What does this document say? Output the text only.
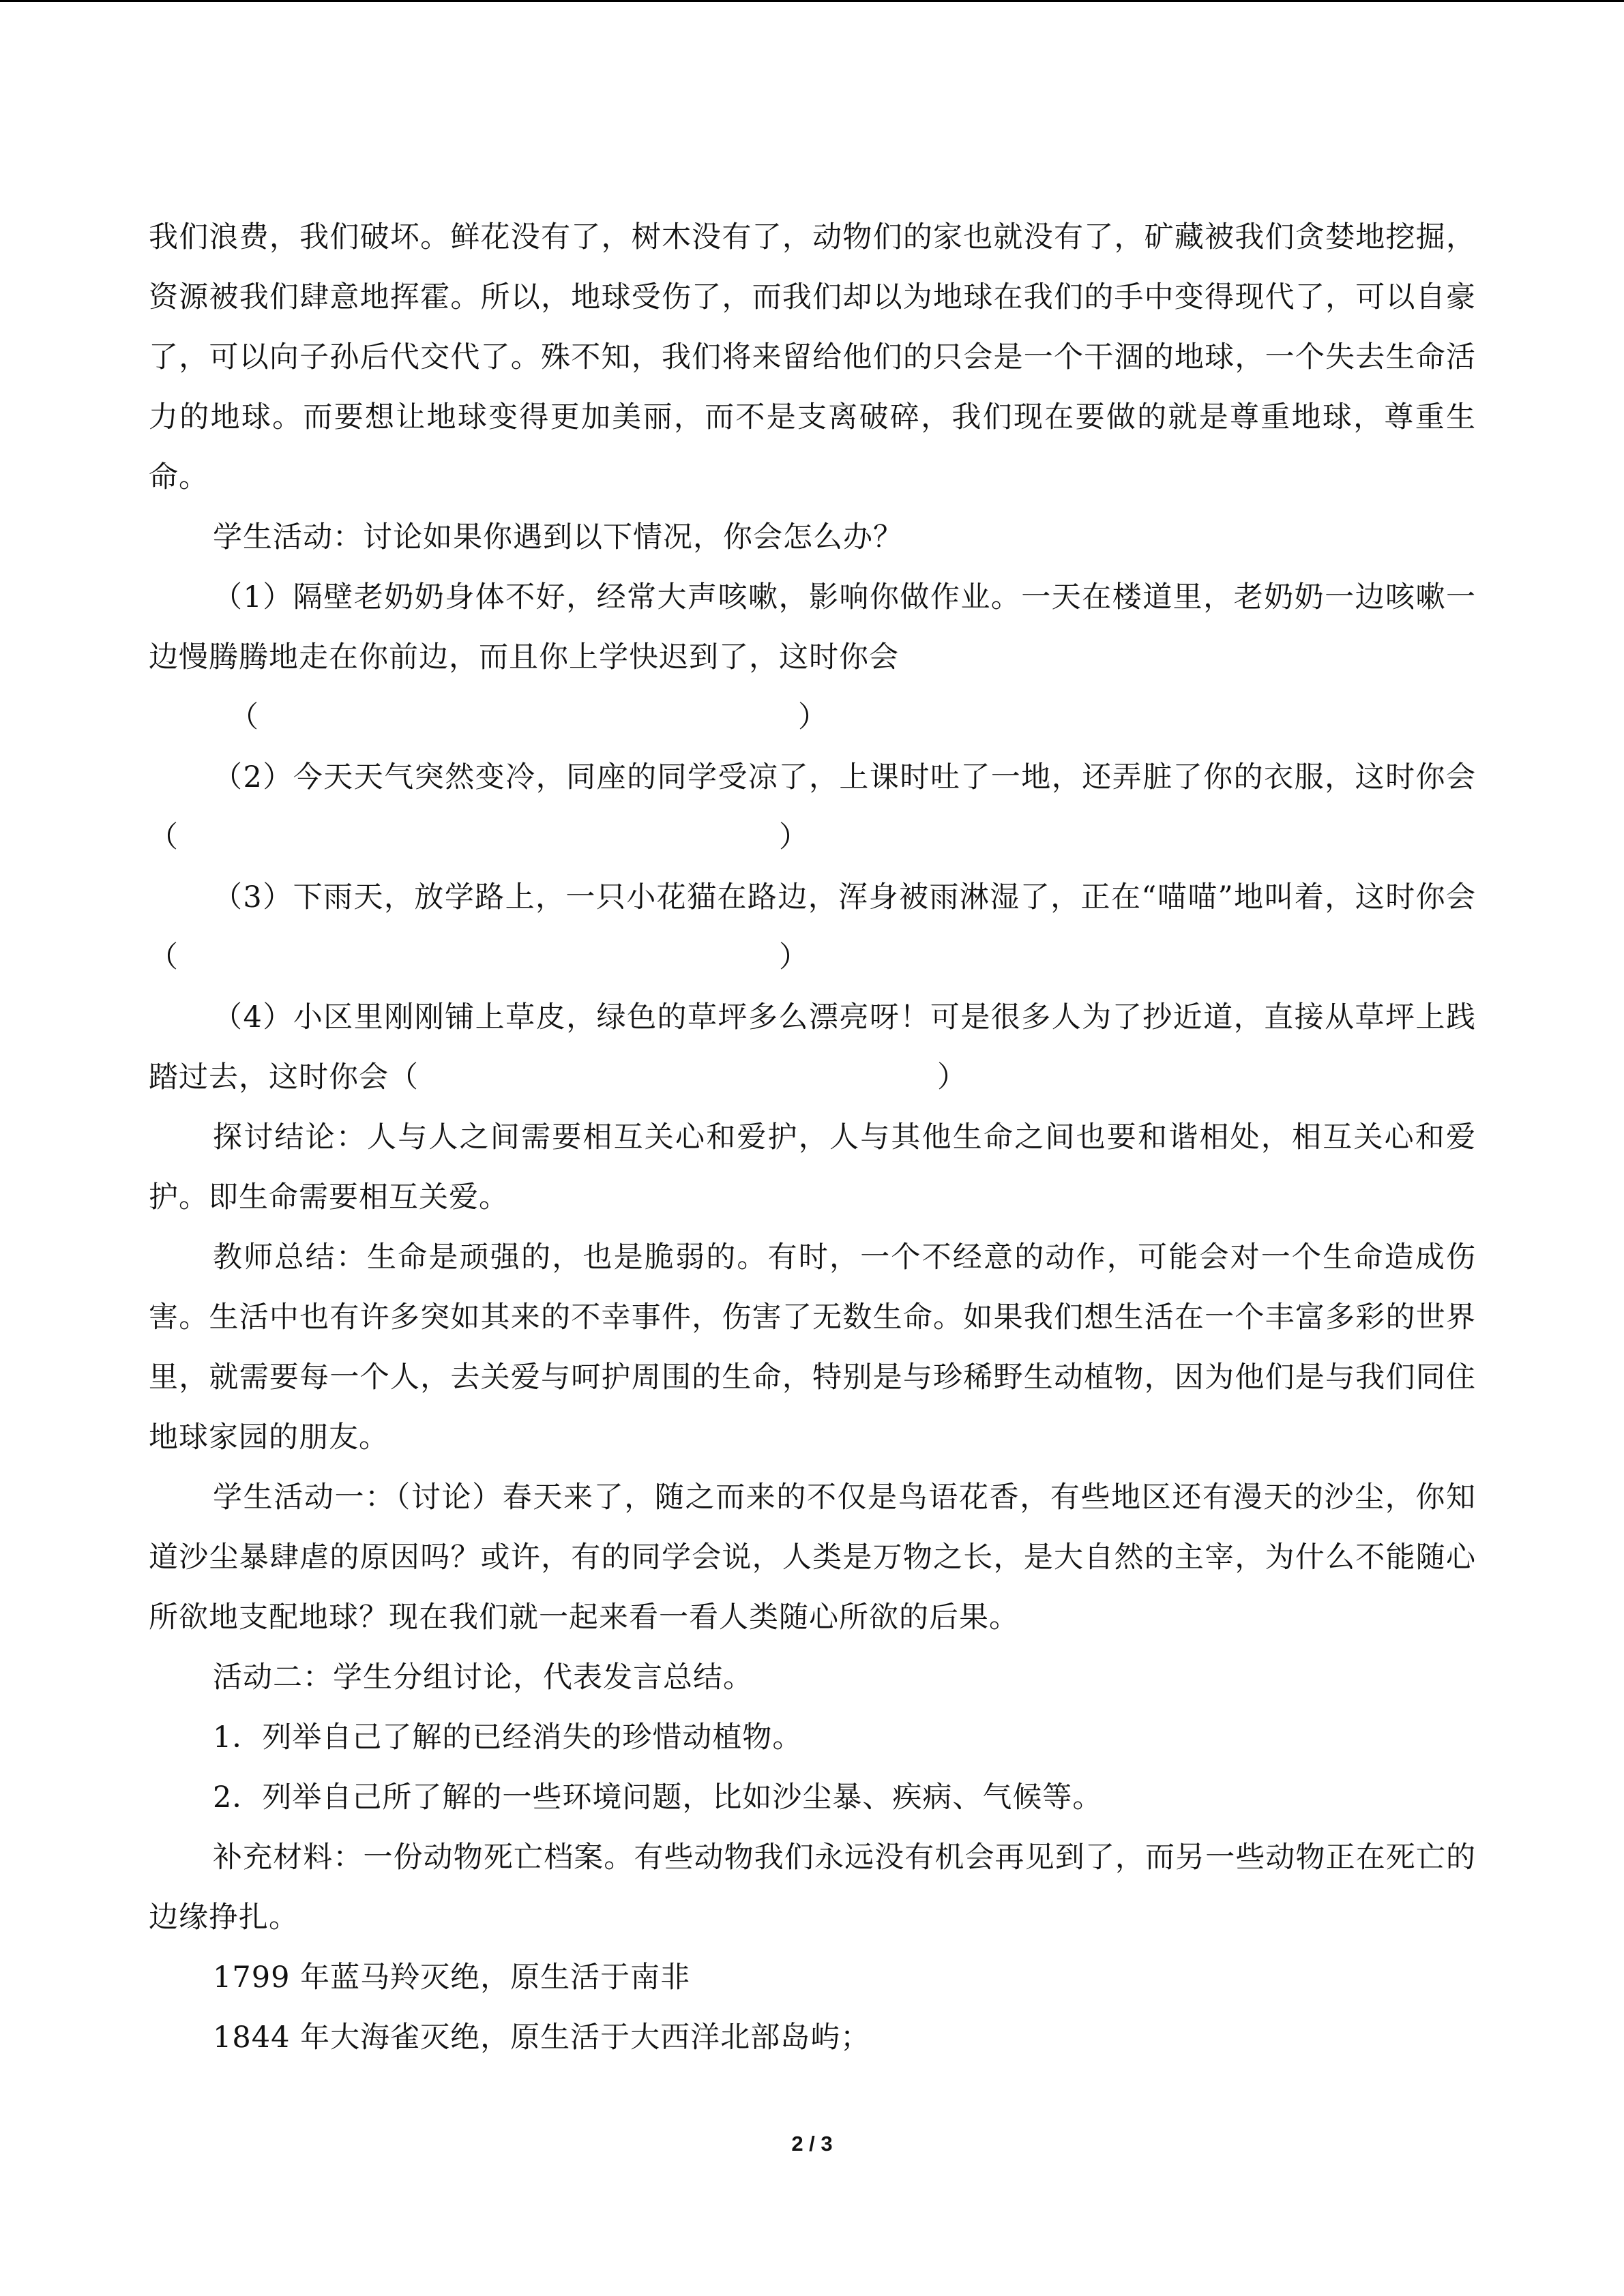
我们浪费，我们破坏。鲜花没有了，树木没有了，动物们的家也就没有了，矿藏被我们贪婪地挖掘，资源被我们肆意地挥霍。所以，地球受伤了，而我们却以为地球在我们的手中变得现代了，可以自豪了，可以向子孙后代交代了。殊不知，我们将来留给他们的只会是一个干涸的地球，一个失去生命活力的地球。而要想让地球变得更加美丽，而不是支离破碎，我们现在要做的就是尊重地球，尊重生命。

学生活动：讨论如果你遇到以下情况，你会怎么办？

（1）隔壁老奶奶身体不好，经常大声咳嗽，影响你做作业。一天在楼道里，老奶奶一边咳嗽一边慢腾腾地走在你前边，而且你上学快迟到了，这时你会

（	）

（2）今天天气突然变冷，同座的同学受凉了，上课时吐了一地，还弄脏了你的衣服，这时你会 （	）

（3）下雨天，放学路上，一只小花猫在路边，浑身被雨淋湿了，正在“喵喵”地叫着，这时你会（	）

（4）小区里刚刚铺上草皮，绿色的草坪多么漂亮呀！可是很多人为了抄近道，直接从草坪上践踏过去，这时你会（	）

探讨结论：人与人之间需要相互关心和爱护，人与其他生命之间也要和谐相处，相互关心和爱护。即生命需要相互关爱。

教师总结：生命是顽强的，也是脆弱的。有时，一个不经意的动作，可能会对一个生命造成伤害。生活中也有许多突如其来的不幸事件，伤害了无数生命。如果我们想生活在一个丰富多彩的世界里，就需要每一个人，去关爱与呵护周围的生命，特别是与珍稀野生动植物，因为他们是与我们同住地球家园的朋友。

学生活动一：（讨论）春天来了，随之而来的不仅是鸟语花香，有些地区还有漫天的沙尘，你知道沙尘暴肆虐的原因吗？或许，有的同学会说，人类是万物之长，是大自然的主宰，为什么不能随心所欲地支配地球？现在我们就一起来看一看人类随心所欲的后果。

活动二：学生分组讨论，代表发言总结。

1．列举自己了解的已经消失的珍惜动植物。

2．列举自己所了解的一些环境问题，比如沙尘暴、疾病、气候等。

补充材料：一份动物死亡档案。有些动物我们永远没有机会再见到了，而另一些动物正在死亡的边缘挣扎。

1799 年蓝马羚灭绝，原生活于南非

1844 年大海雀灭绝，原生活于大西洋北部岛屿；

2 / 3
